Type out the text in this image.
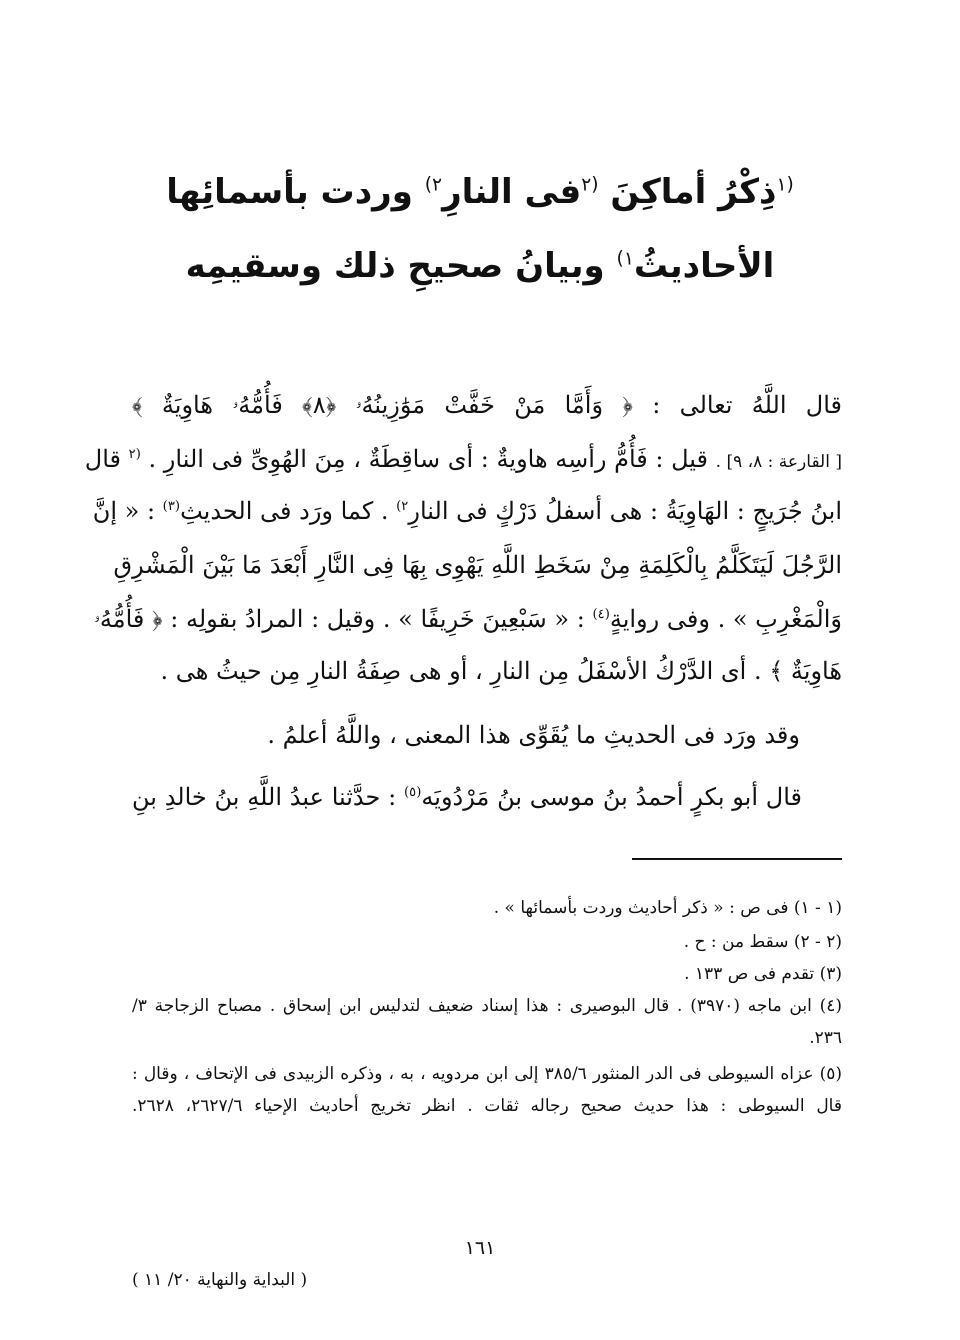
$^{(١}$ذِكْرُ أماكِنَ $^{(٢}$فى النارِ$^{٢)}$ وردت بأسمائِها
الأحاديثُ$^{١)}$ وبيانُ صحيحِ ذلك وسقيمِه
قال اللَّهُ تعالى : ﴿ وَأَمَّا مَنْ خَفَّتْ مَوَٰزِينُهُۥ ﴿٨﴾ فَأُمُّهُۥ هَاوِيَةٌ ﴾
[ القارعة : ٨، ٩] . قيل : فَأُمُّ رأسِه هاويةٌ : أى ساقِطَةٌ ، مِنَ الهُوِىِّ فى النارِ . $^{(٢}$ قال
ابنُ جُرَيجٍ : الهَاوِيَةُ : هى أسفلُ دَرْكٍ فى النارِ$^{٢)}$ . كما ورَد فى الحديثِ$^{(٣)}$ : « إنَّ
الرَّجُلَ لَيَتَكَلَّمُ بِالْكَلِمَةِ مِنْ سَخَطِ اللَّهِ يَهْوِى بِهَا فِى النَّارِ أَبْعَدَ مَا بَيْنَ الْمَشْرِقِ
وَالْمَغْرِبِ » . وفى روايةٍ$^{(٤)}$ : « سَبْعِينَ خَرِيفًا » . وقيل : المرادُ بقولِه : ﴿ فَأُمُّهُۥ
هَاوِيَةٌ ﴾ . أى الدَّرْكُ الأسْفَلُ مِن النارِ ، أو هى صِفَةُ النارِ مِن حيثُ هى .
وقد ورَد فى الحديثِ ما يُقَوِّى هذا المعنى ، واللَّهُ أعلمُ .
قال أبو بكرٍ أحمدُ بنُ موسى بنُ مَرْدُويَه$^{(٥)}$ : حدَّثنا عبدُ اللَّهِ بنُ خالدِ بنِ
(١ - ١) فى ص : « ذكر أحاديث وردت بأسمائها » .
(٢ - ٢) سقط من : ح .
(٣) تقدم فى ص ١٣٣ .
(٤) ابن ماجه (٣٩٧٠) . قال البوصيرى : هذا إسناد ضعيف لتدليس ابن إسحاق . مصباح الزجاجة ٣/
٢٣٦.
(٥) عزاه السيوطى فى الدر المنثور ٣٨٥/٦ إلى ابن مردويه ، به ، وذكره الزبيدى فى الإتحاف ، وقال :
قال السيوطى : هذا حديث صحيح رجاله ثقات . انظر تخريج أحاديث الإحياء ٢٦٢٧/٦، ٢٦٢٨.
١٦١
( البداية والنهاية ٢٠/ ١١ )
